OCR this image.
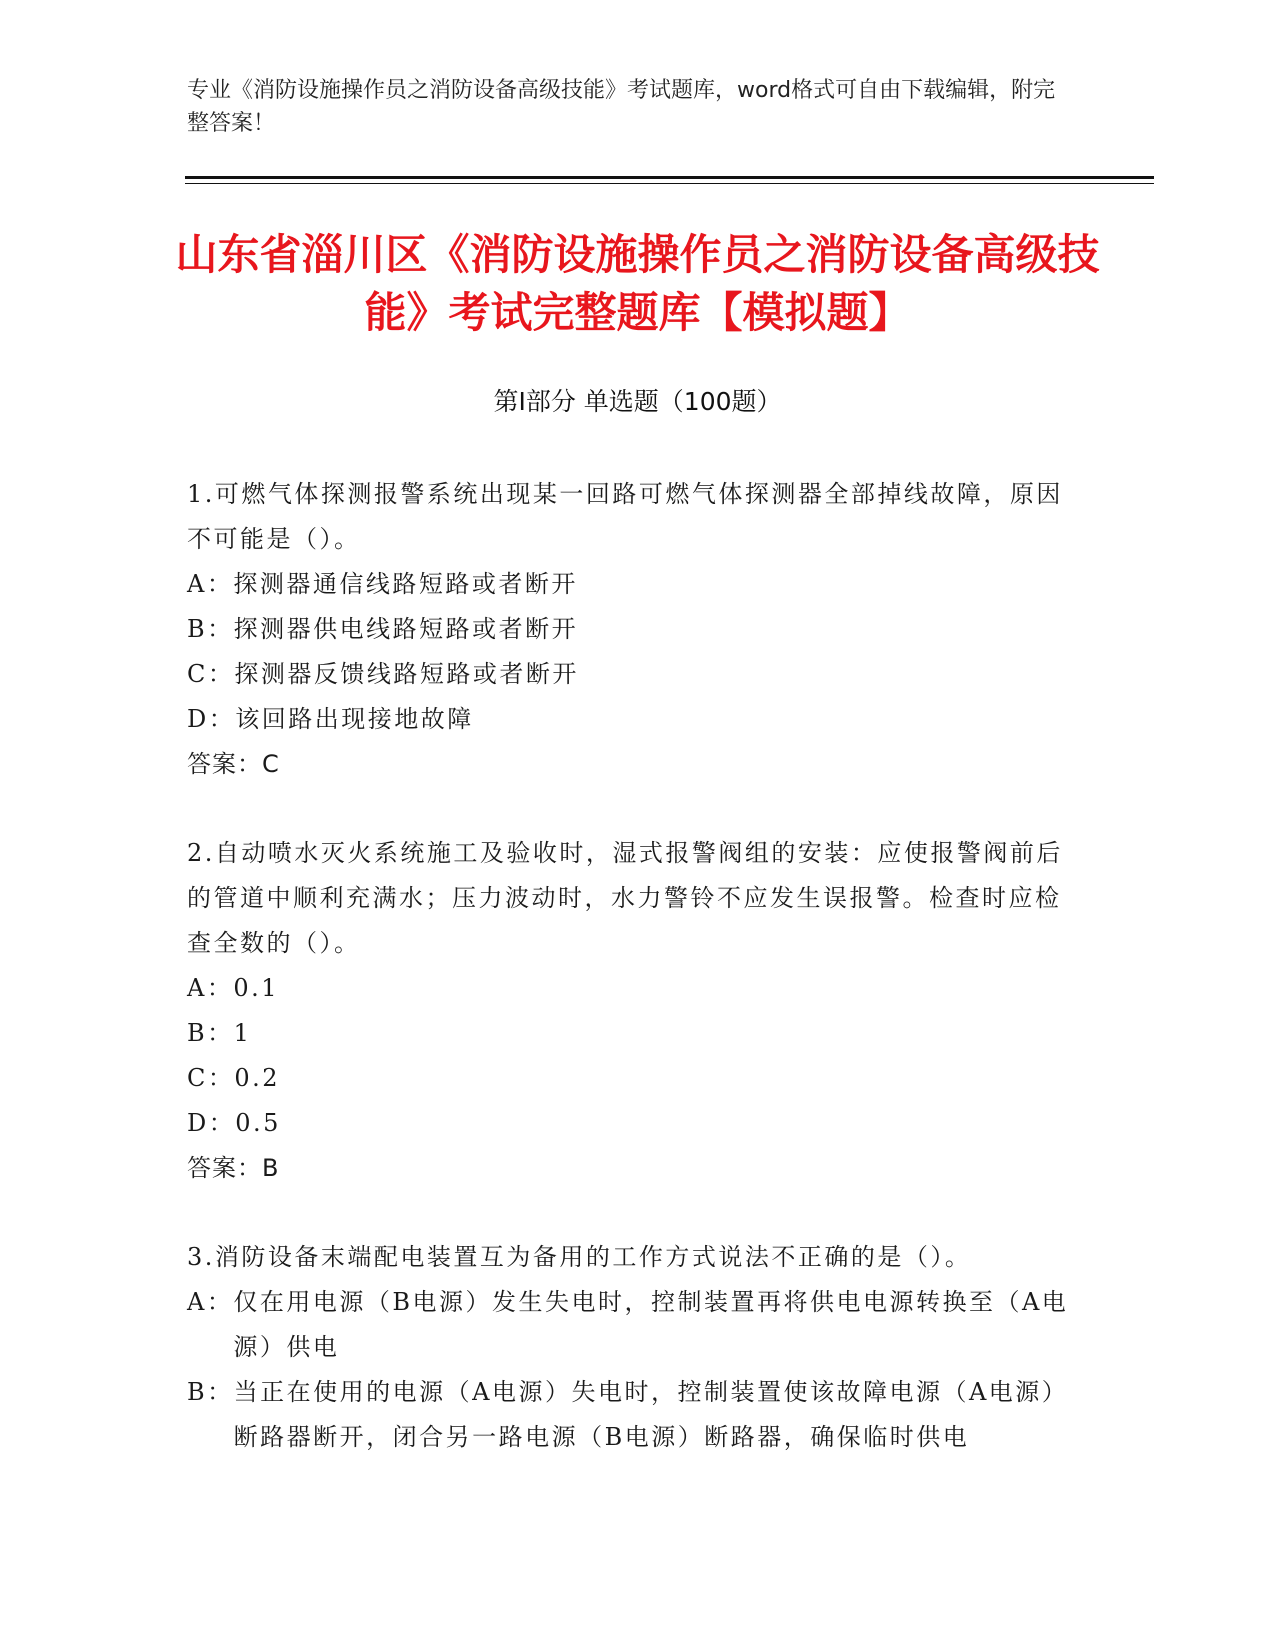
专业《消防设施操作员之消防设备高级技能》考试题库，word格式可自由下载编辑，附完整答案！
山东省淄川区《消防设施操作员之消防设备高级技能》考试完整题库【模拟题】
第I部分 单选题（100题）
1.可燃气体探测报警系统出现某一回路可燃气体探测器全部掉线故障，原因不可能是（）。
A： 探测器通信线路短路或者断开
B： 探测器供电线路短路或者断开
C： 探测器反馈线路短路或者断开
D： 该回路出现接地故障
答案：C
2.自动喷水灭火系统施工及验收时，湿式报警阀组的安装：应使报警阀前后的管道中顺利充满水；压力波动时，水力警铃不应发生误报警。检查时应检查全数的（）。
A： 0.1
B： 1
C： 0.2
D： 0.5
答案：B
3.消防设备末端配电装置互为备用的工作方式说法不正确的是（）。
A： 仅在用电源（B电源）发生失电时，控制装置再将供电电源转换至（A电源）供电
B： 当正在使用的电源（A电源）失电时，控制装置使该故障电源（A电源）断路器断开，闭合另一路电源（B电源）断路器，确保临时供电
